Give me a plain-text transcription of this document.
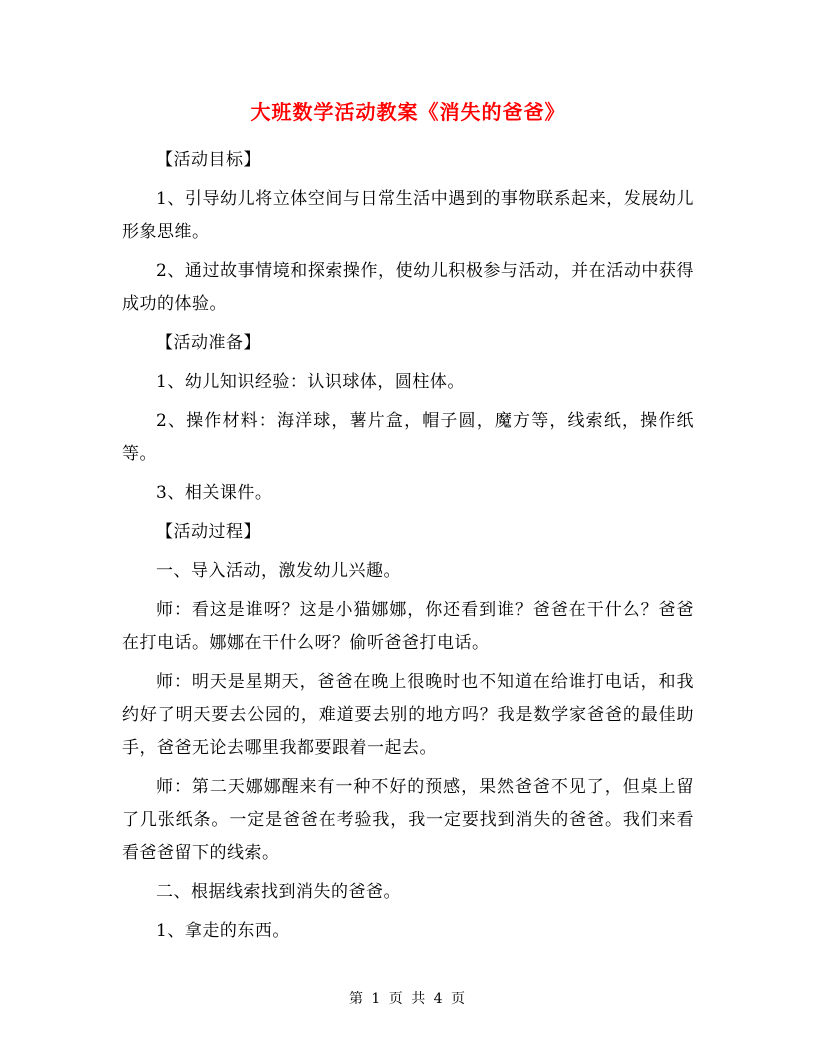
大班数学活动教案《消失的爸爸》

【活动目标】

1、引导幼儿将立体空间与日常生活中遇到的事物联系起来，发展幼儿形象思维。

2、通过故事情境和探索操作，使幼儿积极参与活动，并在活动中获得成功的体验。

【活动准备】

1、幼儿知识经验：认识球体，圆柱体。

2、操作材料：海洋球，薯片盒，帽子圆，魔方等，线索纸，操作纸等。

3、相关课件。

【活动过程】

一、导入活动，激发幼儿兴趣。

师：看这是谁呀？这是小猫娜娜，你还看到谁？爸爸在干什么？爸爸在打电话。娜娜在干什么呀？偷听爸爸打电话。

师：明天是星期天，爸爸在晚上很晚时也不知道在给谁打电话，和我约好了明天要去公园的，难道要去别的地方吗？我是数学家爸爸的最佳助手，爸爸无论去哪里我都要跟着一起去。

师：第二天娜娜醒来有一种不好的预感，果然爸爸不见了，但桌上留了几张纸条。一定是爸爸在考验我，我一定要找到消失的爸爸。我们来看看爸爸留下的线索。

二、根据线索找到消失的爸爸。

1、拿走的东西。

第 1 页 共 4 页
